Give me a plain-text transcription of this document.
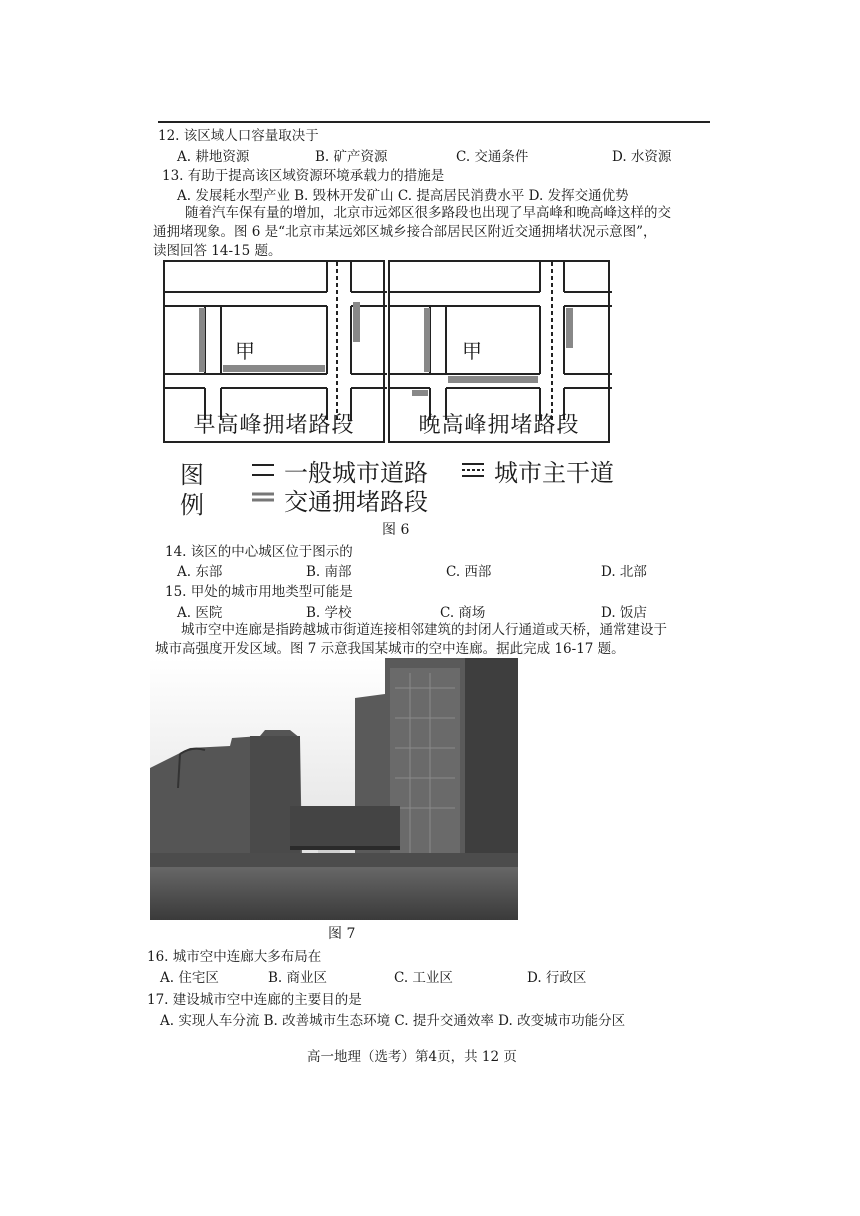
12. 该区域人口容量取决于
A. 耕地资源	B. 矿产资源	C. 交通条件	D. 水资源
13. 有助于提高该区域资源环境承载力的措施是
A. 发展耗水型产业 B. 毁林开发矿山 C. 提高居民消费水平 D. 发挥交通优势
随着汽车保有量的增加，北京市远郊区很多路段也出现了早高峰和晚高峰这样的交
通拥堵现象。图 6 是“北京市某远郊区城乡接合部居民区附近交通拥堵状况示意图”，
读图回答 14-15 题。
甲
早高峰拥堵路段
甲
晚高峰拥堵路段
图
例
一般城市道路	城市主干道
交通拥堵路段
图 6
14. 该区的中心城区位于图示的
A. 东部	B. 南部	C. 西部	D. 北部
15. 甲处的城市用地类型可能是
A. 医院	B. 学校	C. 商场	D. 饭店
城市空中连廊是指跨越城市街道连接相邻建筑的封闭人行通道或天桥，通常建设于
城市高强度开发区域。图 7 示意我国某城市的空中连廊。据此完成 16-17 题。
图 7
16. 城市空中连廊大多布局在
A. 住宅区	B. 商业区	C. 工业区	D. 行政区
17. 建设城市空中连廊的主要目的是
A. 实现人车分流 B. 改善城市生态环境 C. 提升交通效率 D. 改变城市功能分区
高一地理（选考）第4页，共 12 页
